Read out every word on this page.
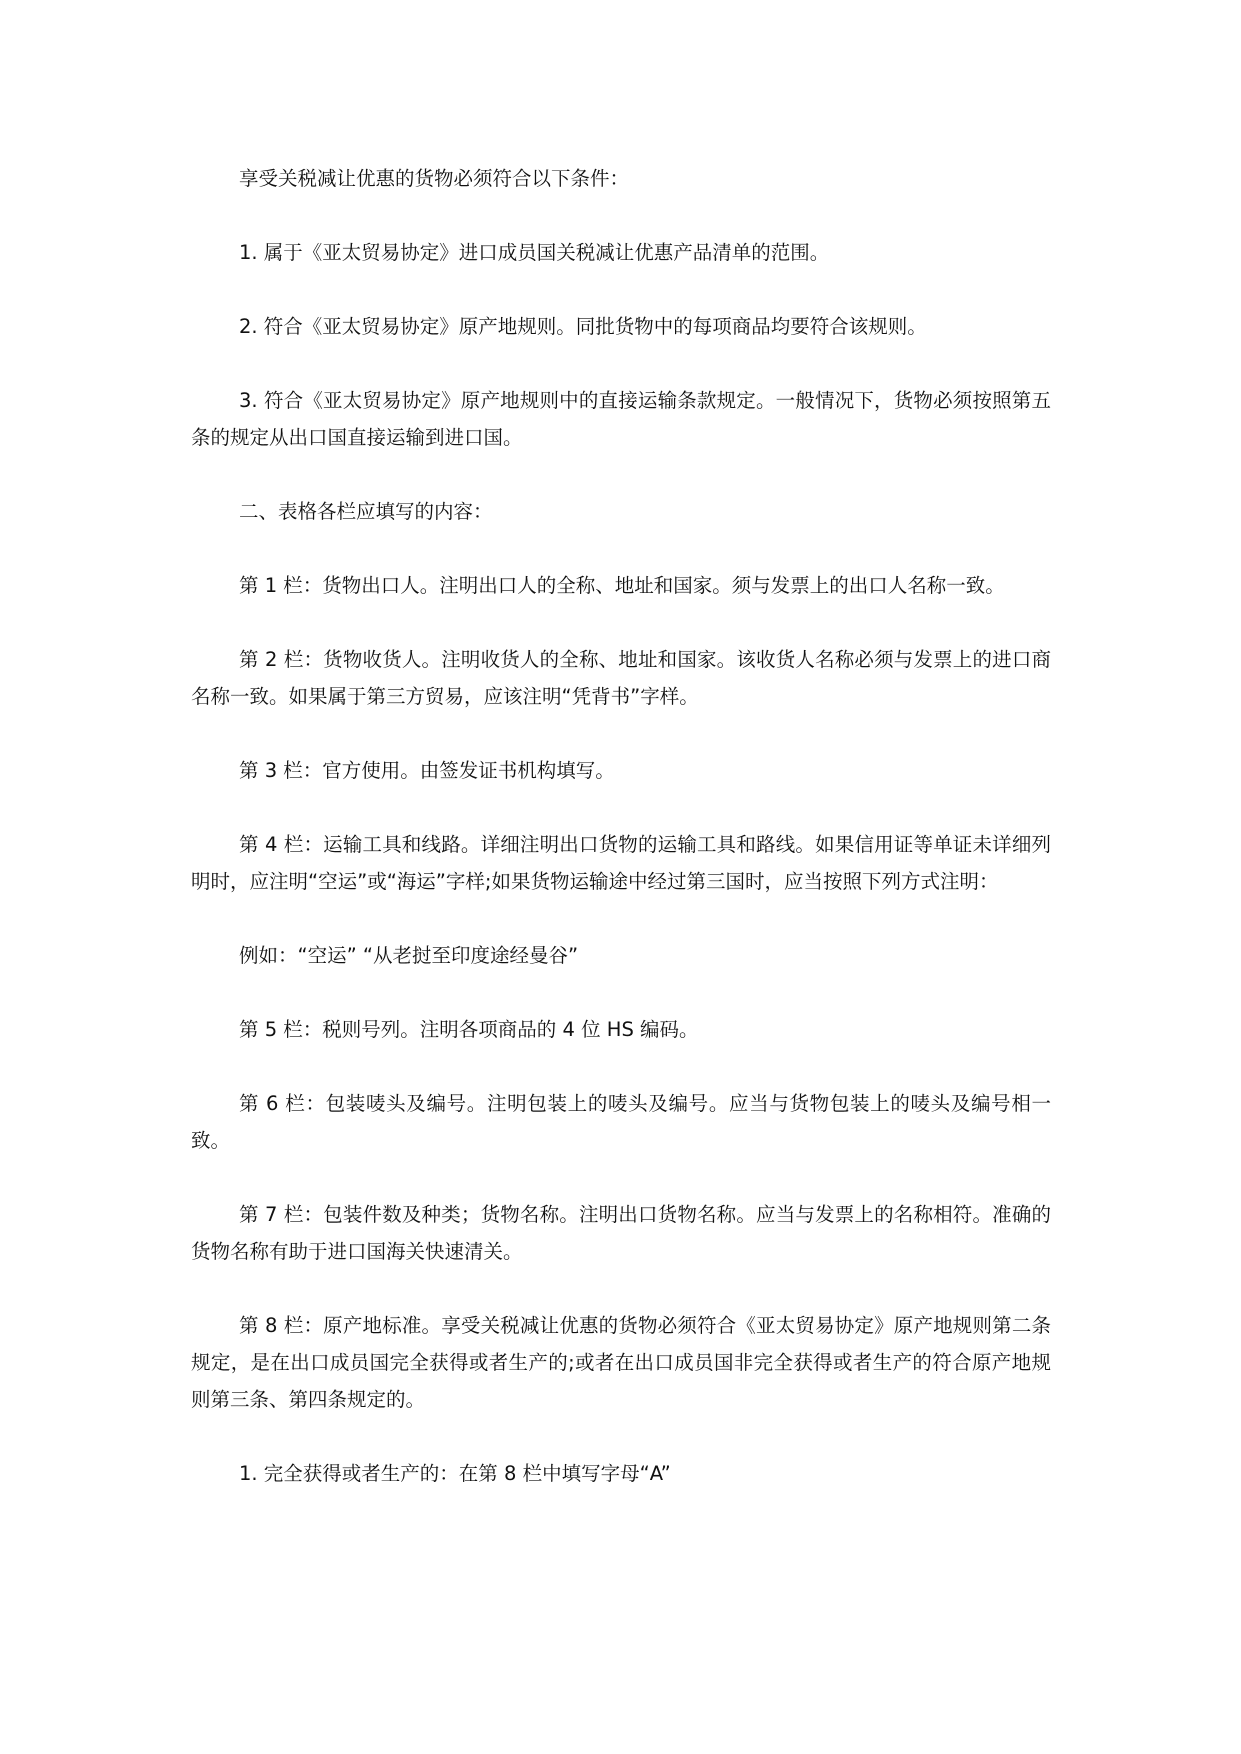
享受关税减让优惠的货物必须符合以下条件：

1. 属于《亚太贸易协定》进口成员国关税减让优惠产品清单的范围。

2. 符合《亚太贸易协定》原产地规则。同批货物中的每项商品均要符合该规则。

3. 符合《亚太贸易协定》原产地规则中的直接运输条款规定。一般情况下，货物必须按照第五条的规定从出口国直接运输到进口国。

二、表格各栏应填写的内容：

第 1 栏：货物出口人。注明出口人的全称、地址和国家。须与发票上的出口人名称一致。

第 2 栏：货物收货人。注明收货人的全称、地址和国家。该收货人名称必须与发票上的进口商名称一致。如果属于第三方贸易，应该注明“凭背书”字样。

第 3 栏：官方使用。由签发证书机构填写。

第 4 栏：运输工具和线路。详细注明出口货物的运输工具和路线。如果信用证等单证未详细列明时，应注明“空运”或“海运”字样;如果货物运输途中经过第三国时，应当按照下列方式注明：

例如：“空运” “从老挝至印度途经曼谷”

第 5 栏：税则号列。注明各项商品的 4 位 HS 编码。

第 6 栏：包装唛头及编号。注明包装上的唛头及编号。应当与货物包装上的唛头及编号相一致。

第 7 栏：包装件数及种类；货物名称。注明出口货物名称。应当与发票上的名称相符。准确的货物名称有助于进口国海关快速清关。

第 8 栏：原产地标准。享受关税减让优惠的货物必须符合《亚太贸易协定》原产地规则第二条规定，是在出口成员国完全获得或者生产的;或者在出口成员国非完全获得或者生产的符合原产地规则第三条、第四条规定的。

1. 完全获得或者生产的：在第 8 栏中填写字母“A”
